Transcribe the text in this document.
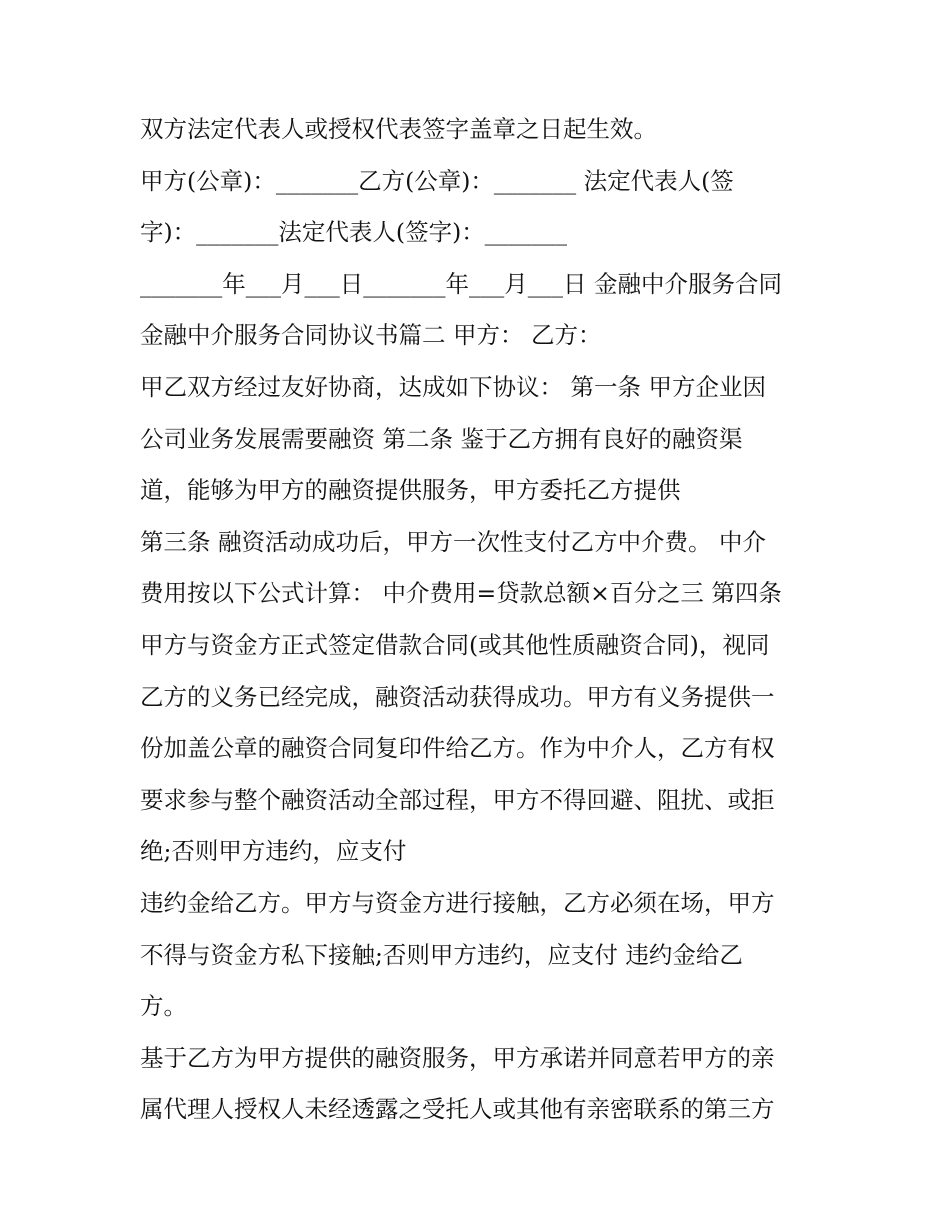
双方法定代表人或授权代表签字盖章之日起生效。
甲方(公章)：_______乙方(公章)：_______ 法定代表人(签
字)：_______法定代表人(签字)：_______
_______年___月___日_______年___月___日 金融中介服务合同
金融中介服务合同协议书篇二 甲方： 乙方：
甲乙双方经过友好协商，达成如下协议： 第一条 甲方企业因
公司业务发展需要融资 第二条 鉴于乙方拥有良好的融资渠
道，能够为甲方的融资提供服务，甲方委托乙方提供
第三条 融资活动成功后，甲方一次性支付乙方中介费。 中介
费用按以下公式计算： 中介费用=贷款总额×百分之三 第四条
甲方与资金方正式签定借款合同(或其他性质融资合同)，视同
乙方的义务已经完成，融资活动获得成功。甲方有义务提供一
份加盖公章的融资合同复印件给乙方。作为中介人，乙方有权
要求参与整个融资活动全部过程，甲方不得回避、阻扰、或拒
绝;否则甲方违约，应支付
违约金给乙方。甲方与资金方进行接触，乙方必须在场，甲方
不得与资金方私下接触;否则甲方违约，应支付 违约金给乙
方。
基于乙方为甲方提供的融资服务，甲方承诺并同意若甲方的亲
属代理人授权人未经透露之受托人或其他有亲密联系的第三方
